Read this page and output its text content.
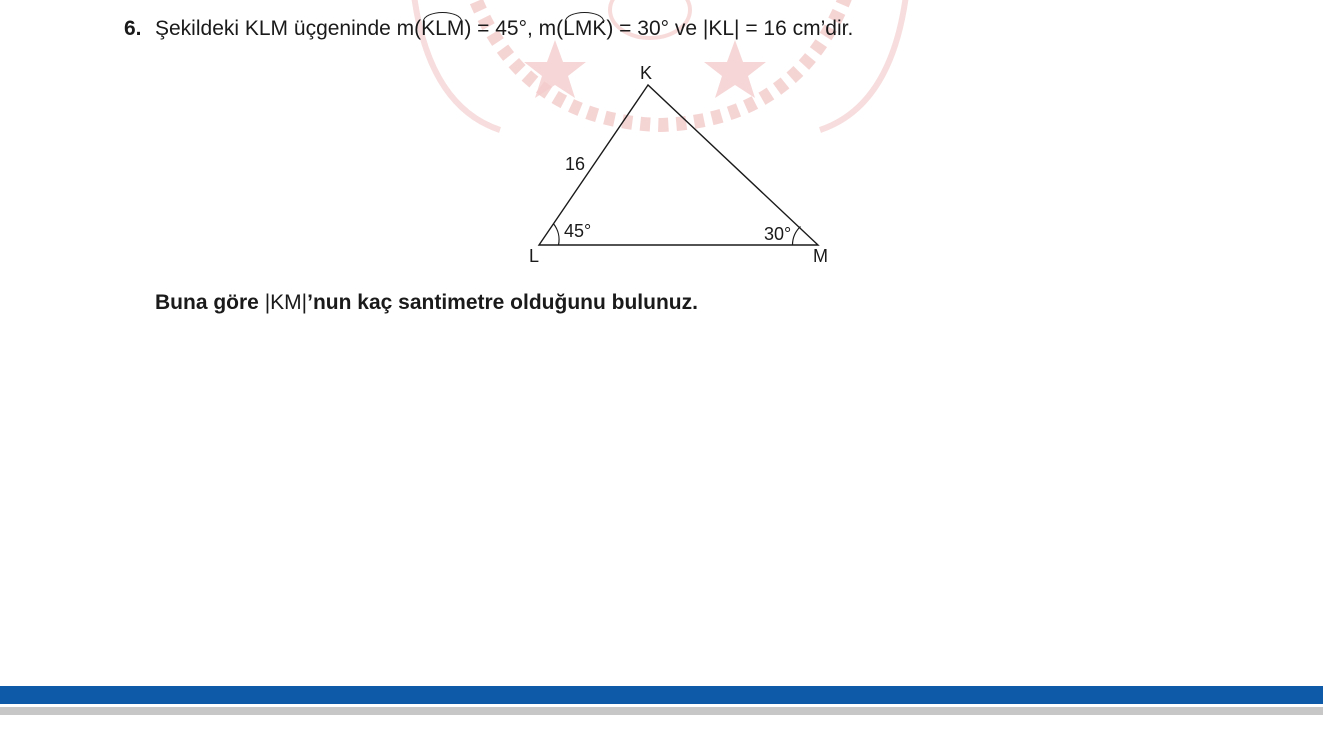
6. Şekildeki KLM üçgeninde m(KLM) = 45°, m(LMK) = 30° ve |KL| = 16 cm’dir.
K
L	M
16
45°	30°
Buna göre |KM|’nun kaç santimetre olduğunu bulunuz.
